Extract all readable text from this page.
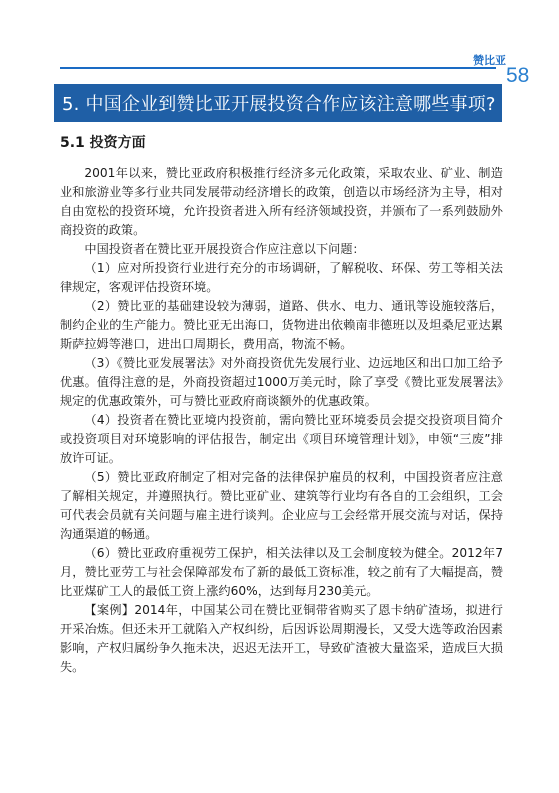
赞比亚
58
5. 中国企业到赞比亚开展投资合作应该注意哪些事项?
5.1 投资方面

2001年以来，赞比亚政府积极推行经济多元化政策，采取农业、矿业、制造业和旅游业等多行业共同发展带动经济增长的政策，创造以市场经济为主导，相对自由宽松的投资环境，允许投资者进入所有经济领域投资，并颁布了一系列鼓励外商投资的政策。

中国投资者在赞比亚开展投资合作应注意以下问题：

（1）应对所投资行业进行充分的市场调研，了解税收、环保、劳工等相关法律规定，客观评估投资环境。

（2）赞比亚的基础建设较为薄弱，道路、供水、电力、通讯等设施较落后，制约企业的生产能力。赞比亚无出海口，货物进出依赖南非德班以及坦桑尼亚达累斯萨拉姆等港口，进出口周期长，费用高，物流不畅。

（3）《赞比亚发展署法》对外商投资优先发展行业、边远地区和出口加工给予优惠。值得注意的是，外商投资超过1000万美元时，除了享受《赞比亚发展署法》规定的优惠政策外，可与赞比亚政府商谈额外的优惠政策。

（4）投资者在赞比亚境内投资前，需向赞比亚环境委员会提交投资项目简介或投资项目对环境影响的评估报告，制定出《项目环境管理计划》，申领“三废”排放许可证。

（5）赞比亚政府制定了相对完备的法律保护雇员的权利，中国投资者应注意了解相关规定，并遵照执行。赞比亚矿业、建筑等行业均有各自的工会组织，工会可代表会员就有关问题与雇主进行谈判。企业应与工会经常开展交流与对话，保持沟通渠道的畅通。

（6）赞比亚政府重视劳工保护，相关法律以及工会制度较为健全。2012年7月，赞比亚劳工与社会保障部发布了新的最低工资标准，较之前有了大幅提高，赞比亚煤矿工人的最低工资上涨约60%，达到每月230美元。

【案例】2014年，中国某公司在赞比亚铜带省购买了恩卡纳矿渣场，拟进行开采冶炼。但还未开工就陷入产权纠纷，后因诉讼周期漫长，又受大选等政治因素影响，产权归属纷争久拖未决，迟迟无法开工，导致矿渣被大量盗采，造成巨大损失。
